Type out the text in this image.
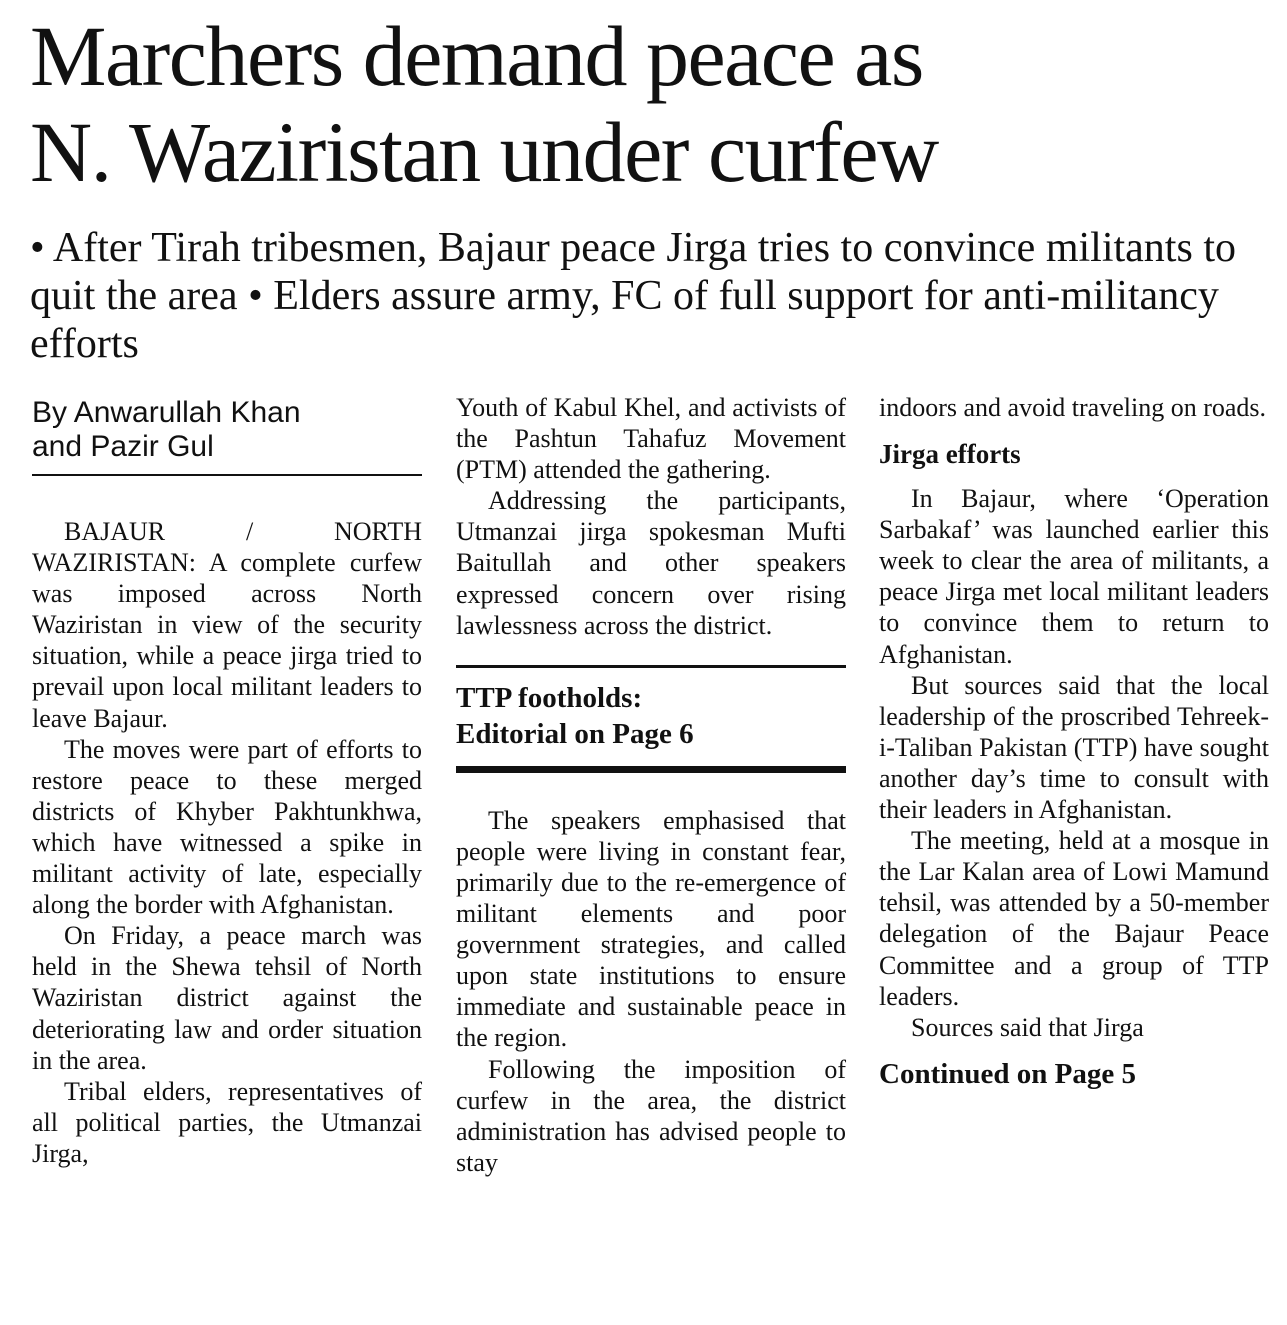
Marchers demand peace as
N. Waziristan under curfew

• After Tirah tribesmen, Bajaur peace Jirga tries to convince militants to quit the area • Elders assure army, FC of full support for anti-militancy efforts

By Anwarullah Khan
and Pazir Gul

BAJAUR / NORTH WAZIRISTAN: A complete curfew was imposed across North Waziristan in view of the security situation, while a peace jirga tried to prevail upon local militant leaders to leave Bajaur.

The moves were part of efforts to restore peace to these merged districts of Khyber Pakhtunkhwa, which have witnessed a spike in militant activity of late, especially along the border with Afghanistan.

On Friday, a peace march was held in the Shewa tehsil of North Waziristan district against the deteriorating law and order situation in the area.

Tribal elders, representatives of all political parties, the Utmanzai Jirga,

Youth of Kabul Khel, and activists of the Pashtun Tahafuz Movement (PTM) attended the gathering.

Addressing the participants, Utmanzai jirga spokesman Mufti Baitullah and other speakers expressed concern over rising lawlessness across the district.

TTP footholds:
Editorial on Page 6

The speakers emphasised that people were living in constant fear, primarily due to the re-emergence of militant elements and poor government strategies, and called upon state institutions to ensure immediate and sustainable peace in the region.

Following the imposition of curfew in the area, the district administration has advised people to stay

indoors and avoid traveling on roads.

Jirga efforts

In Bajaur, where ‘Operation Sarbakaf’ was launched earlier this week to clear the area of militants, a peace Jirga met local militant leaders to convince them to return to Afghanistan.

But sources said that the local leadership of the proscribed Tehreek-i-Taliban Pakistan (TTP) have sought another day’s time to consult with their leaders in Afghanistan.

The meeting, held at a mosque in the Lar Kalan area of Lowi Mamund tehsil, was attended by a 50-member delegation of the Bajaur Peace Committee and a group of TTP leaders.

Sources said that Jirga

Continued on Page 5
